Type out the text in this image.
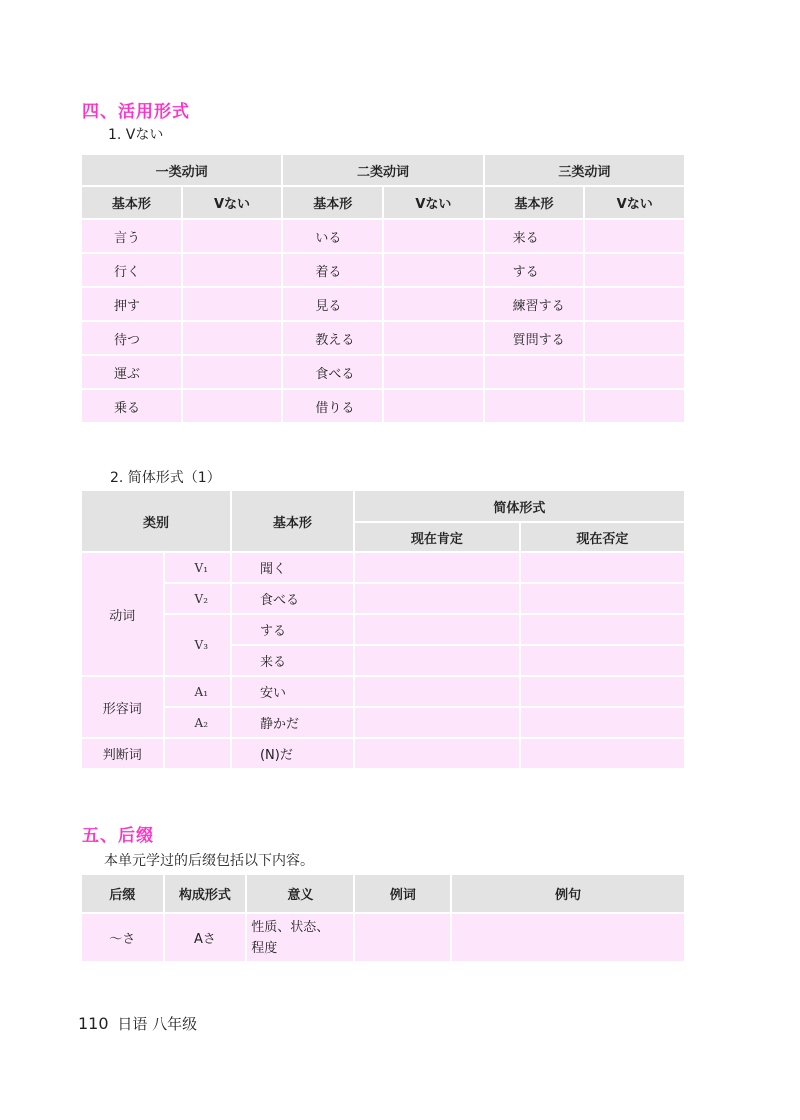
四、活用形式
1. Vない
一类动词		二类动词		三类动词	
基本形	Vない	基本形	Vない	基本形	Vない
言う		いる		来る	
行く		着る		する	
押す		見る		練習する	
待つ		教える		質問する	
運ぶ		食べる			
乗る		借りる			
2. 简体形式（1）
类别		基本形	简体形式	
			现在肯定	现在否定
动词	V₁	聞く		
	V₂	食べる		
	V₃	する		
		来る		
形容词	A₁	安い		
	A₂	静かだ		
判断词		(N)だ		
五、后缀
本单元学过的后缀包括以下内容。
后缀	构成形式	意义	例词	例句
～さ	Aさ	性质、状态、
程度		

110 日语 八年级
